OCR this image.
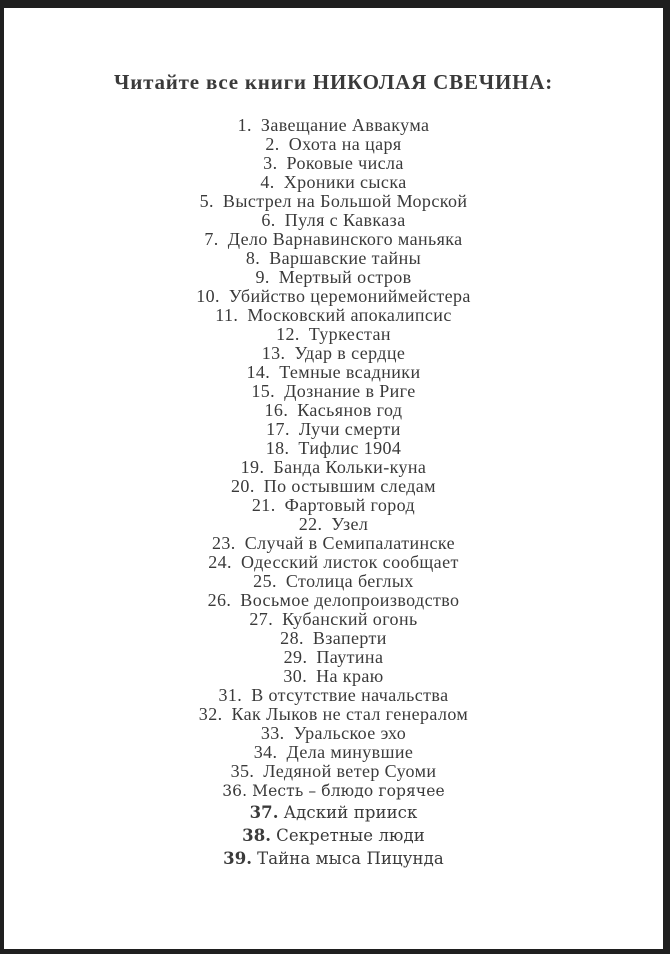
Читайте все книги НИКОЛАЯ СВЕЧИНА:
1. Завещание Аввакума
2. Охота на царя
3. Роковые числа
4. Хроники сыска
5. Выстрел на Большой Морской
6. Пуля с Кавказа
7. Дело Варнавинского маньяка
8. Варшавские тайны
9. Мертвый остров
10. Убийство церемониймейстера
11. Московский апокалипсис
12. Туркестан
13. Удар в сердце
14. Темные всадники
15. Дознание в Риге
16. Касьянов год
17. Лучи смерти
18. Тифлис 1904
19. Банда Кольки-куна
20. По остывшим следам
21. Фартовый город
22. Узел
23. Случай в Семипалатинске
24. Одесский листок сообщает
25. Столица беглых
26. Восьмое делопроизводство
27. Кубанский огонь
28. Взаперти
29. Паутина
30. На краю
31. В отсутствие начальства
32. Как Лыков не стал генералом
33. Уральское эхо
34. Дела минувшие
35. Ледяной ветер Суоми
36. Месть – блюдо горячее
37. Адский прииск
38. Секретные люди
39. Тайна мыса Пицунда
